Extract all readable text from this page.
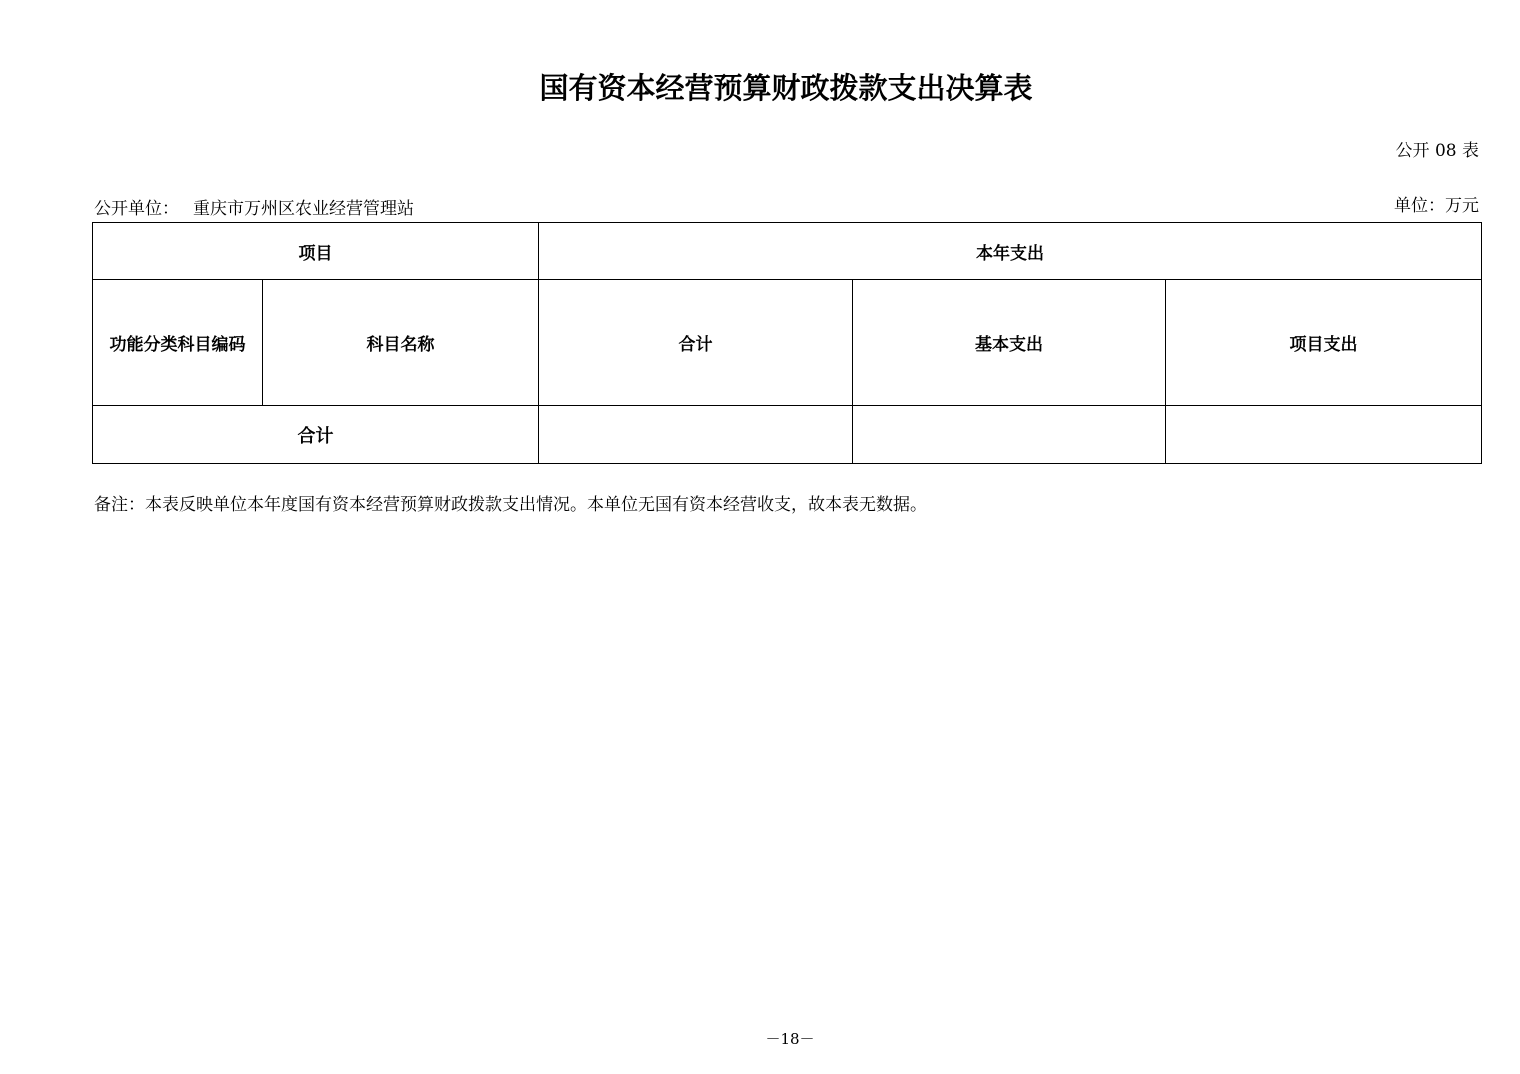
国有资本经营预算财政拨款支出决算表
公开 08 表
公开单位： 重庆市万州区农业经营管理站	单位：万元
项目		本年支出		
功能分类科目编码	科目名称	合计	基本支出	项目支出
合计				
备注：本表反映单位本年度国有资本经营预算财政拨款支出情况。本单位无国有资本经营收支，故本表无数据。
－18－
